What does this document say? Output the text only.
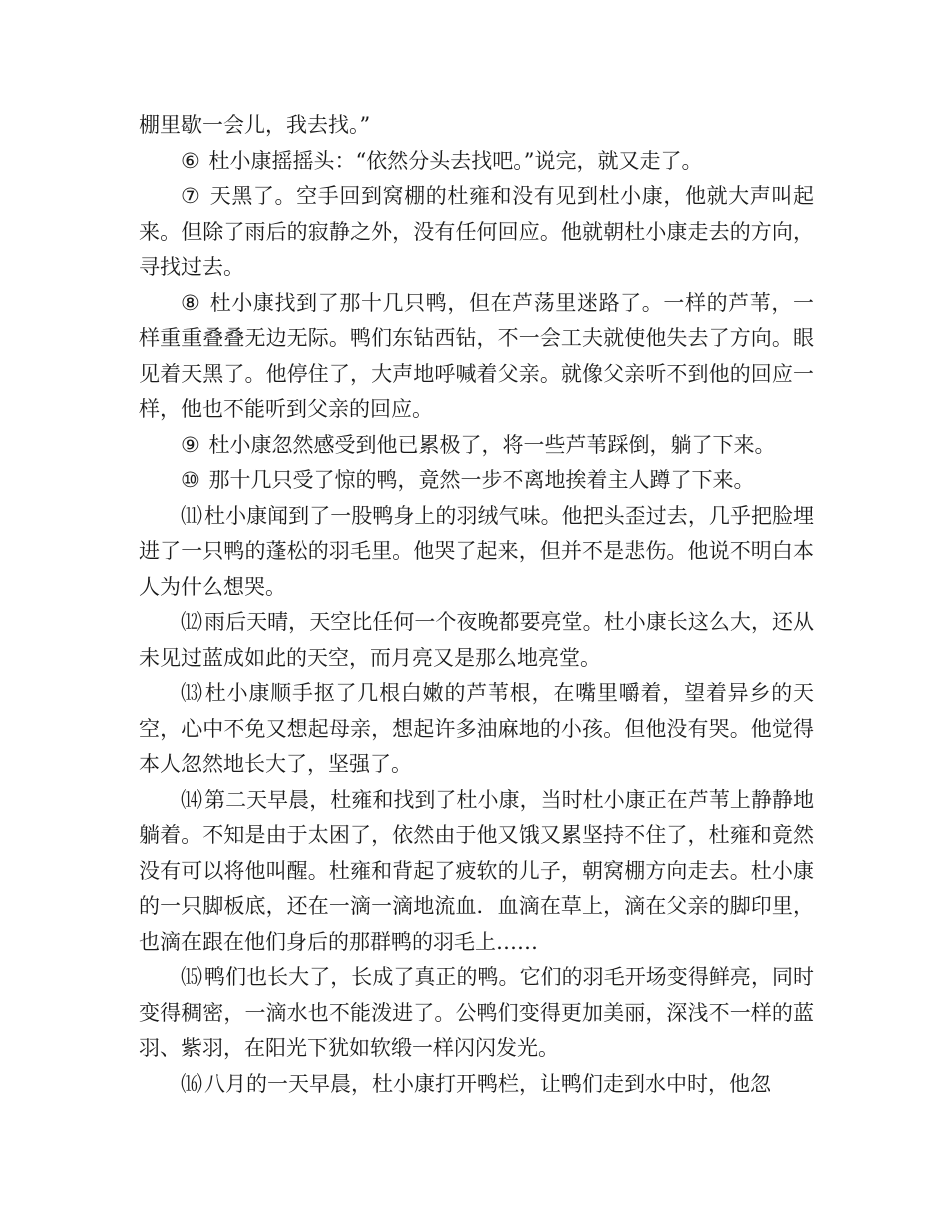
棚里歇一会儿，我去找。”

⑥ 杜小康摇摇头：“依然分头去找吧。”说完，就又走了。

⑦ 天黑了。空手回到窝棚的杜雍和没有见到杜小康，他就大声叫起来。但除了雨后的寂静之外，没有任何回应。他就朝杜小康走去的方向，寻找过去。

⑧ 杜小康找到了那十几只鸭，但在芦荡里迷路了。一样的芦苇，一样重重叠叠无边无际。鸭们东钻西钻，不一会工夫就使他失去了方向。眼见着天黑了。他停住了，大声地呼喊着父亲。就像父亲听不到他的回应一样，他也不能听到父亲的回应。

⑨ 杜小康忽然感受到他已累极了，将一些芦苇踩倒，躺了下来。

⑩ 那十几只受了惊的鸭，竟然一步不离地挨着主人蹲了下来。

⑾杜小康闻到了一股鸭身上的羽绒气味。他把头歪过去，几乎把脸埋进了一只鸭的蓬松的羽毛里。他哭了起来，但并不是悲伤。他说不明白本人为什么想哭。

⑿雨后天晴，天空比任何一个夜晚都要亮堂。杜小康长这么大，还从未见过蓝成如此的天空，而月亮又是那么地亮堂。

⒀杜小康顺手抠了几根白嫩的芦苇根，在嘴里嚼着，望着异乡的天空，心中不免又想起母亲，想起许多油麻地的小孩。但他没有哭。他觉得本人忽然地长大了，坚强了。

⒁第二天早晨，杜雍和找到了杜小康，当时杜小康正在芦苇上静静地躺着。不知是由于太困了，依然由于他又饿又累坚持不住了，杜雍和竟然没有可以将他叫醒。杜雍和背起了疲软的儿子，朝窝棚方向走去。杜小康的一只脚板底，还在一滴一滴地流血．血滴在草上，滴在父亲的脚印里，也滴在跟在他们身后的那群鸭的羽毛上……

⒂鸭们也长大了，长成了真正的鸭。它们的羽毛开场变得鲜亮，同时变得稠密，一滴水也不能泼进了。公鸭们变得更加美丽，深浅不一样的蓝羽、紫羽，在阳光下犹如软缎一样闪闪发光。

⒃八月的一天早晨，杜小康打开鸭栏，让鸭们走到水中时，他忽
